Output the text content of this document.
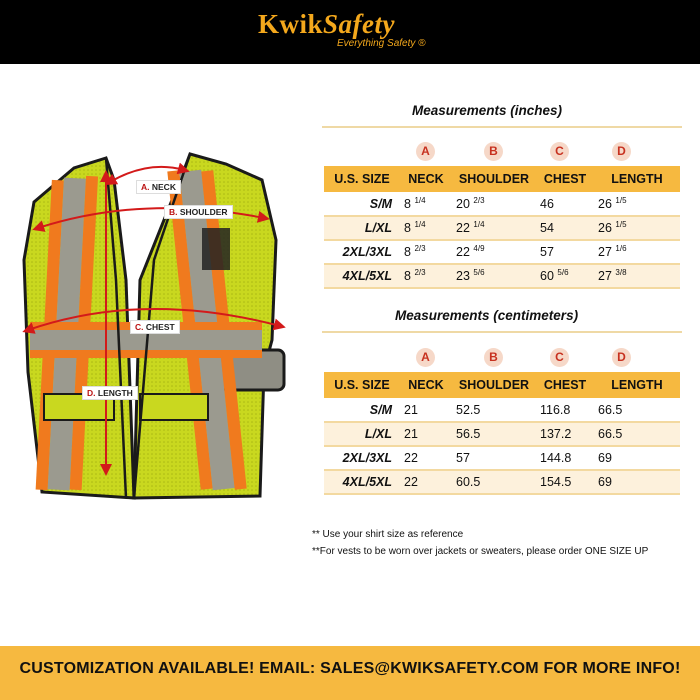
KwikSafety
Everything Safety ®
A. NECK
B. SHOULDER
C. CHEST
D. LENGTH
Measurements (inches)
A	B	C	D
U.S. SIZE	NECK	SHOULDER	CHEST	LENGTH
S/M	8 $^{1/4}$	20 $^{2/3}$	46	26 $^{1/5}$
L/XL	8 $^{1/4}$	22 $^{1/4}$	54	26 $^{1/5}$
2XL/3XL	8 $^{2/3}$	22 $^{4/9}$	57	27 $^{1/6}$
4XL/5XL	8 $^{2/3}$	23 $^{5/6}$	60 $^{5/6}$	27 $^{3/8}$
Measurements (centimeters)
A	B	C	D
U.S. SIZE	NECK	SHOULDER	CHEST	LENGTH
S/M	21	52.5	116.8	66.5
L/XL	21	56.5	137.2	66.5
2XL/3XL	22	57	144.8	69
4XL/5XL	22	60.5	154.5	69
** Use your shirt size as reference
**For vests to be worn over jackets or sweaters, please order ONE SIZE UP
CUSTOMIZATION AVAILABLE! EMAIL: SALES@KWIKSAFETY.COM FOR MORE INFO!
